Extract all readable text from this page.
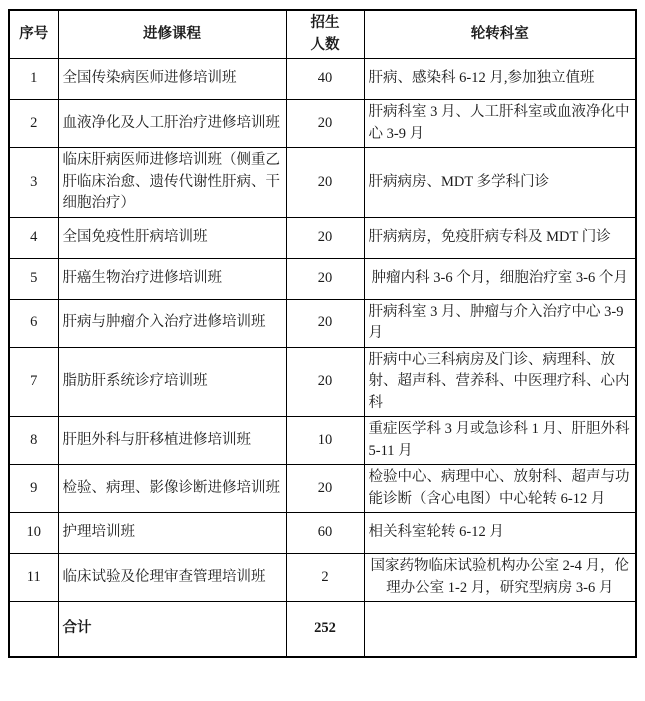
序号	进修课程	招生人数	轮转科室
1	全国传染病医师进修培训班	40	肝病、感染科 6-12 月,参加独立值班
2	血液净化及人工肝治疗进修培训班	20	肝病科室 3 月、人工肝科室或血液净化中心 3-9 月
3	临床肝病医师进修培训班（侧重乙肝临床治愈、遗传代谢性肝病、干细胞治疗）	20	肝病病房、MDT 多学科门诊
4	全国免疫性肝病培训班	20	肝病病房，免疫肝病专科及 MDT 门诊
5	肝癌生物治疗进修培训班	20	肿瘤内科 3-6 个月，细胞治疗室 3-6 个月
6	肝病与肿瘤介入治疗进修培训班	20	肝病科室 3 月、肿瘤与介入治疗中心 3-9 月
7	脂肪肝系统诊疗培训班	20	肝病中心三科病房及门诊、病理科、放射、超声科、营养科、中医理疗科、心内科
8	肝胆外科与肝移植进修培训班	10	重症医学科 3 月或急诊科 1 月、肝胆外科 5-11 月
9	检验、病理、影像诊断进修培训班	20	检验中心、病理中心、放射科、超声与功能诊断（含心电图）中心轮转 6-12 月
10	护理培训班	60	相关科室轮转 6-12 月
11	临床试验及伦理审查管理培训班	2	国家药物临床试验机构办公室 2-4 月，伦理办公室 1-2 月，研究型病房 3-6 月
	合计	252	
